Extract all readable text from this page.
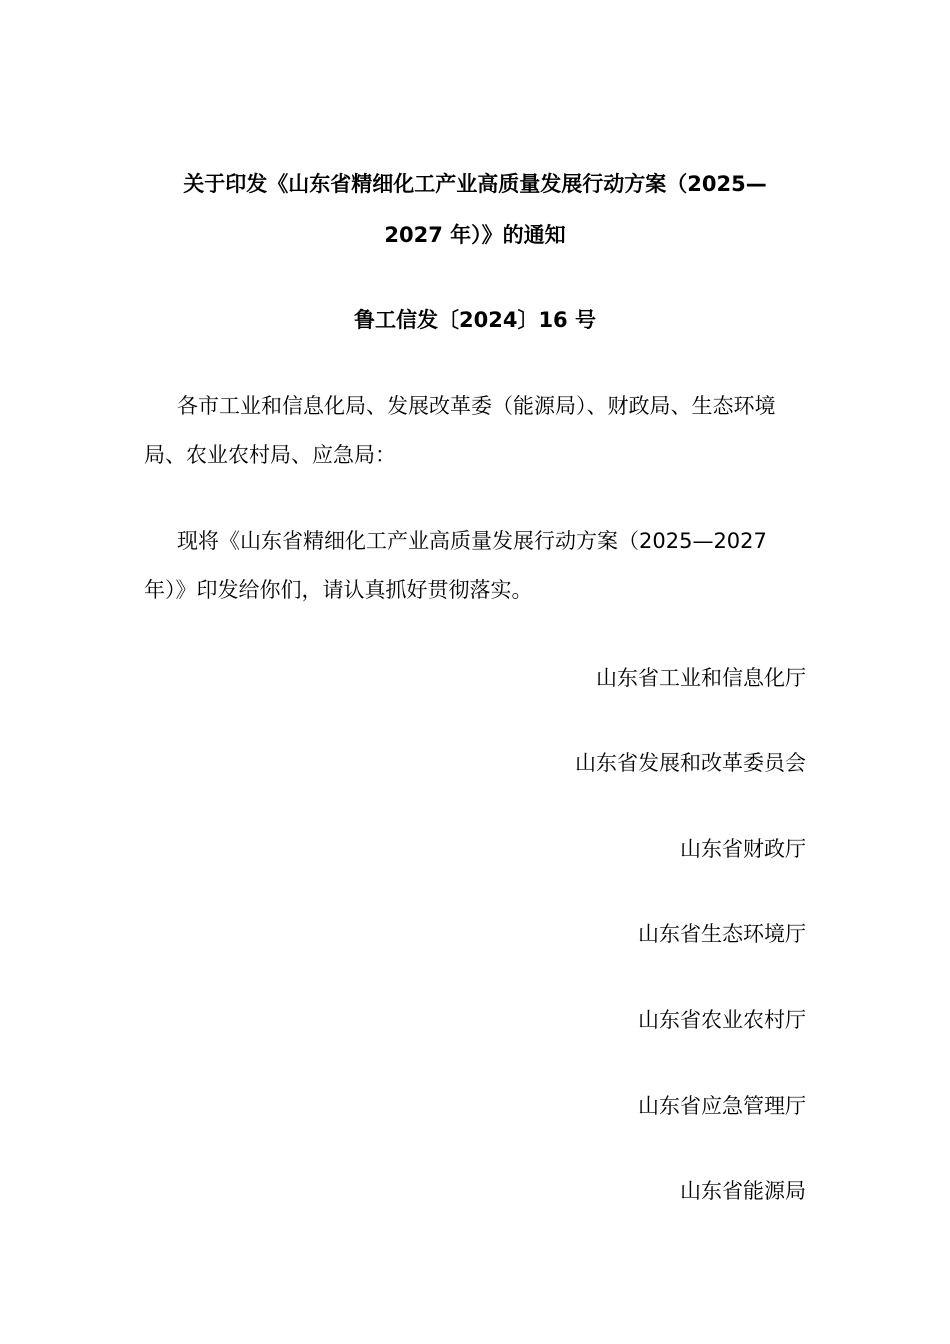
关于印发《山东省精细化工产业高质量发展行动方案（2025—
2027 年）》的通知
鲁工信发〔2024〕16 号
各市工业和信息化局、发展改革委（能源局）、财政局、生态环境
局、农业农村局、应急局：
现将《山东省精细化工产业高质量发展行动方案（2025—2027
年）》印发给你们，请认真抓好贯彻落实。
山东省工业和信息化厅
山东省发展和改革委员会
山东省财政厅
山东省生态环境厅
山东省农业农村厅
山东省应急管理厅
山东省能源局
